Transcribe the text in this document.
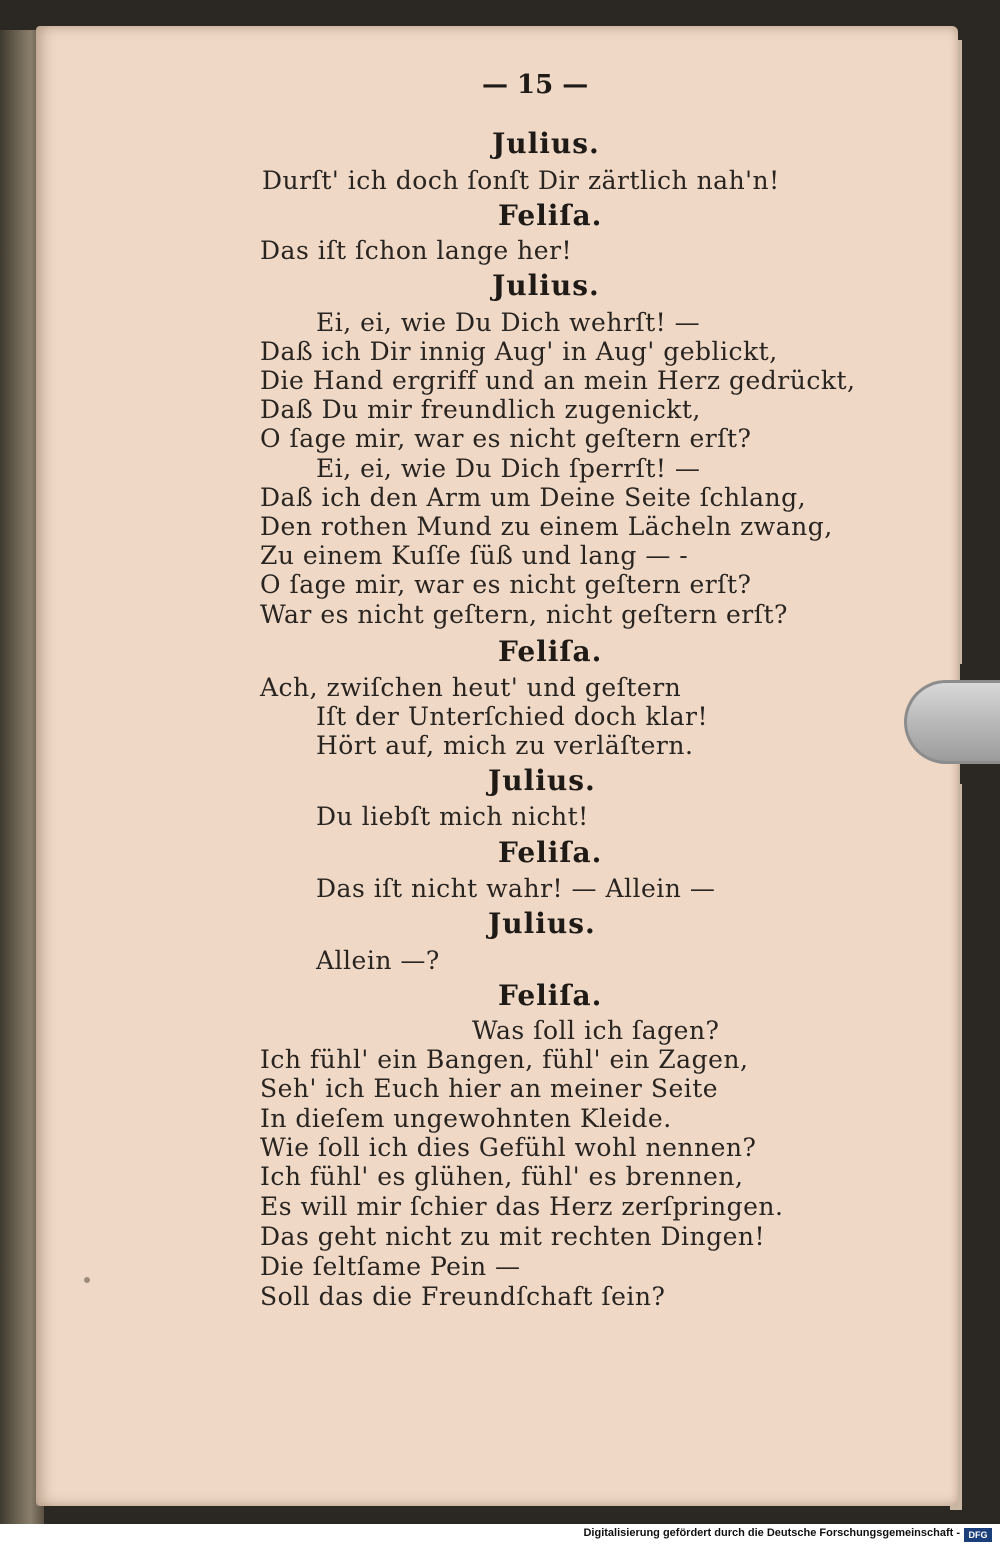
— 15 —
Julius.
Durſt' ich doch ſonſt Dir zärtlich nah'n!
Feliſa.
Das iſt ſchon lange her!
Julius.
Ei, ei, wie Du Dich wehrſt! —
Daß ich Dir innig Aug' in Aug' geblickt,
Die Hand ergriff und an mein Herz gedrückt,
Daß Du mir freundlich zugenickt,
O ſage mir, war es nicht geſtern erſt?
Ei, ei, wie Du Dich ſperrſt! —
Daß ich den Arm um Deine Seite ſchlang,
Den rothen Mund zu einem Lächeln zwang,
Zu einem Kuſſe ſüß und lang — -
O ſage mir, war es nicht geſtern erſt?
War es nicht geſtern, nicht geſtern erſt?
Feliſa.
Ach, zwiſchen heut' und geſtern
Iſt der Unterſchied doch klar!
Hört auf, mich zu verläſtern.
Julius.
Du liebſt mich nicht!
Feliſa.
Das iſt nicht wahr! — Allein —
Julius.
Allein —?
Feliſa.
Was ſoll ich ſagen?
Ich fühl' ein Bangen, fühl' ein Zagen,
Seh' ich Euch hier an meiner Seite
In dieſem ungewohnten Kleide.
Wie ſoll ich dies Gefühl wohl nennen?
Ich fühl' es glühen, fühl' es brennen,
Es will mir ſchier das Herz zerſpringen.
Das geht nicht zu mit rechten Dingen!
Die ſeltſame Pein —
Soll das die Freundſchaft ſein?
Digitalisierung gefördert durch die Deutsche Forschungsgemeinschaft - DFG
